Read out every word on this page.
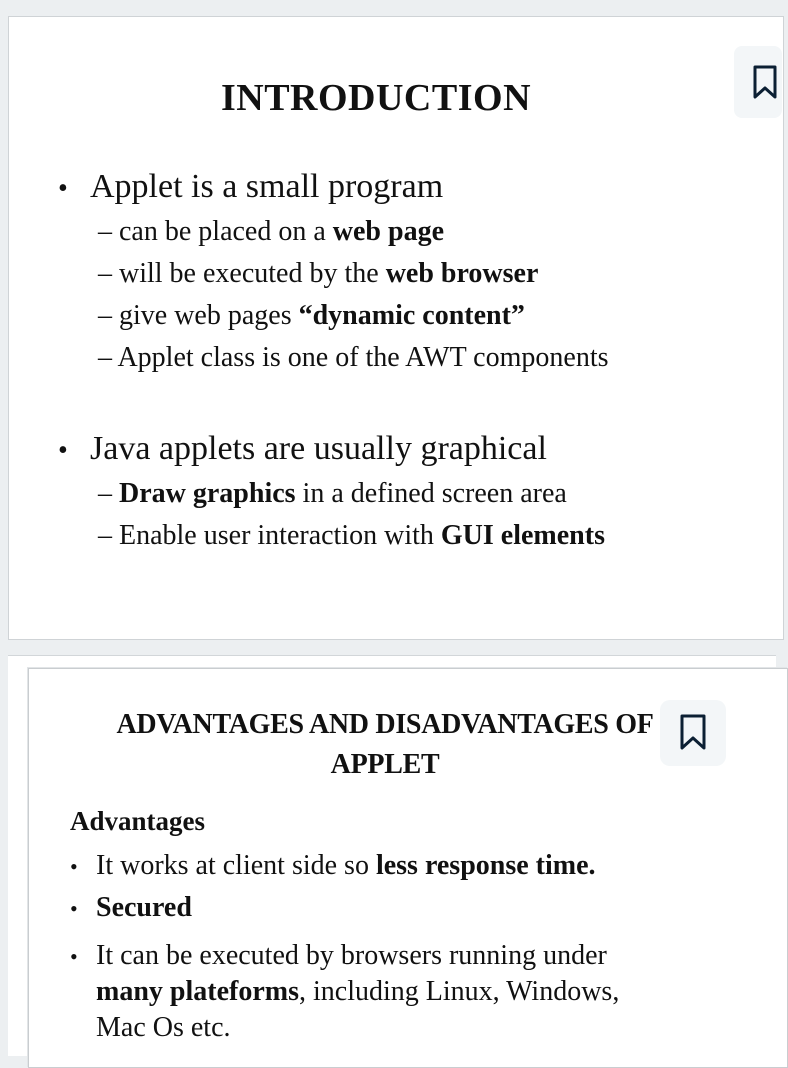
INTRODUCTION
• Applet is a small program
– can be placed on a web page
– will be executed by the web browser
– give web pages “dynamic content”
– Applet class is one of the AWT components
• Java applets are usually graphical
– Draw graphics in a defined screen area
– Enable user interaction with GUI elements
ADVANTAGES AND DISADVANTAGES OF
APPLET
Advantages
• It works at client side so less response time.
• Secured
• It can be executed by browsers running under
many plateforms, including Linux, Windows,
Mac Os etc.
